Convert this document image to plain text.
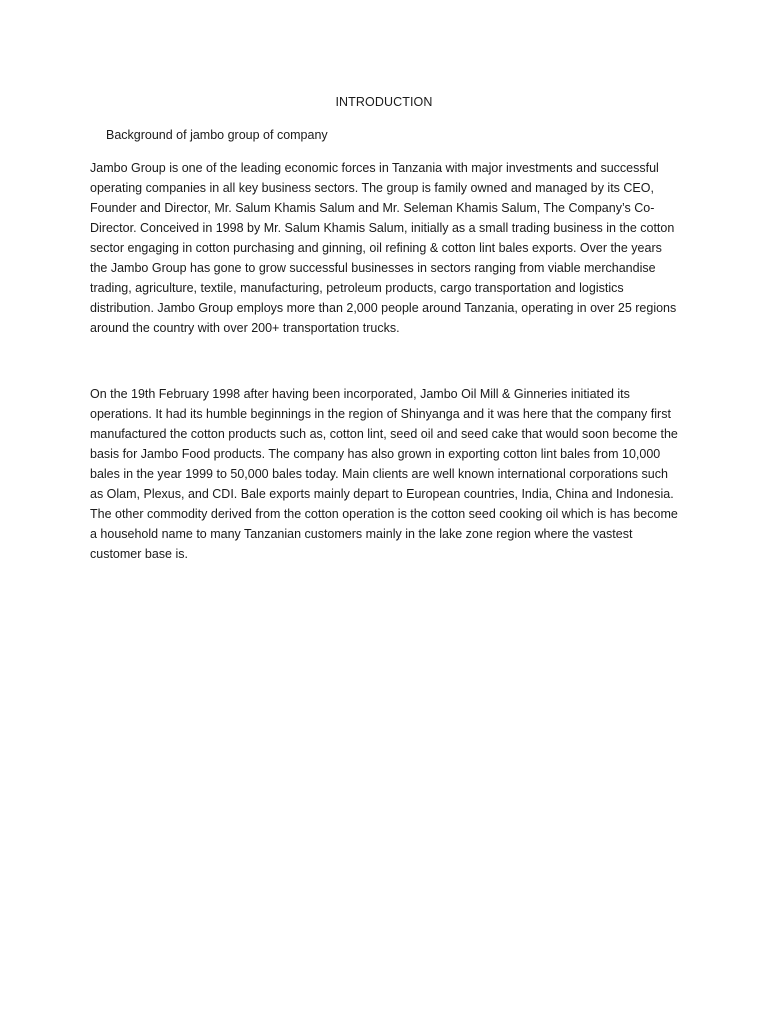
INTRODUCTION
Background of jambo group of company

Jambo Group is one of the leading economic forces in Tanzania with major investments and successful operating companies in all key business sectors. The group is family owned and managed by its CEO, Founder and Director, Mr. Salum Khamis Salum and Mr. Seleman Khamis Salum, The Company’s Co-Director. Conceived in 1998 by Mr. Salum Khamis Salum, initially as a small trading business in the cotton sector engaging in cotton purchasing and ginning, oil refining & cotton lint bales exports. Over the years the Jambo Group has gone to grow successful businesses in sectors ranging from viable merchandise trading, agriculture, textile, manufacturing, petroleum products, cargo transportation and logistics distribution. Jambo Group employs more than 2,000 people around Tanzania, operating in over 25 regions around the country with over 200+ transportation trucks.

On the 19th February 1998 after having been incorporated, Jambo Oil Mill & Ginneries initiated its operations. It had its humble beginnings in the region of Shinyanga and it was here that the company first manufactured the cotton products such as, cotton lint, seed oil and seed cake that would soon become the basis for Jambo Food products. The company has also grown in exporting cotton lint bales from 10,000 bales in the year 1999 to 50,000 bales today. Main clients are well known international corporations such as Olam, Plexus, and CDI. Bale exports mainly depart to European countries, India, China and Indonesia. The other commodity derived from the cotton operation is the cotton seed cooking oil which is has become a household name to many Tanzanian customers mainly in the lake zone region where the vastest customer base is.
